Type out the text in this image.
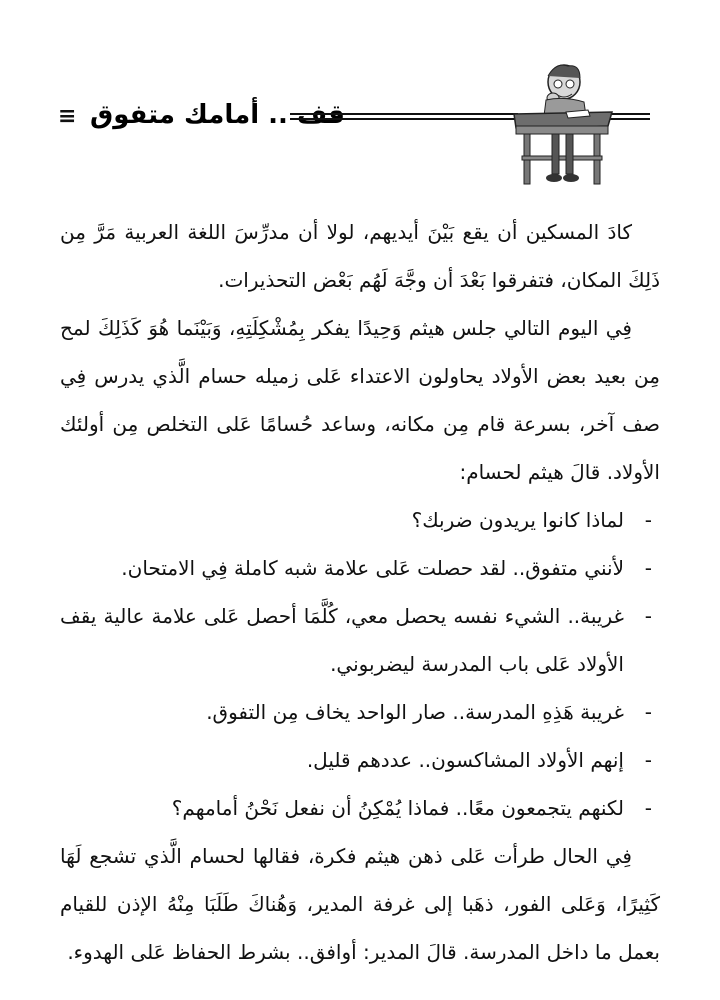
≡ قف .. أمامك متفوق

كادَ المسكين أن يقع بَيْنَ أيديهم، لولا أن مدرِّسَ اللغة العربية مَرَّ مِن ذَلِكَ المكان، فتفرقوا بَعْدَ أن وجَّهَ لَهُم بَعْض التحذيرات.

فِي اليوم التالي جلس هيثم وَحِيدًا يفكر بِمُشْكِلَتِهِ، وَبَيْنَما هُوَ كَذَلِكَ لمح مِن بعيد بعض الأولاد يحاولون الاعتداء عَلى زميله حسام الَّذي يدرس فِي صف آخر، بسرعة قام مِن مكانه، وساعد حُسامًا عَلى التخلص مِن أولئك الأولاد. قالَ هيثم لحسام:

-
لماذا كانوا يريدون ضربك؟
-
لأنني متفوق.. لقد حصلت عَلى علامة شبه كاملة فِي الامتحان.
-
غريبة.. الشيء نفسه يحصل معي، كُلَّمَا أحصل عَلى علامة عالية يقف الأولاد عَلى باب المدرسة ليضربوني.
-
غريبة هَذِهِ المدرسة.. صار الواحد يخاف مِن التفوق.
-
إنهم الأولاد المشاكسون.. عددهم قليل.
-
لكنهم يتجمعون معًا.. فماذا يُمْكِنُ أن نفعل نَحْنُ أمامهم؟

فِي الحال طرأت عَلى ذهن هيثم فكرة، فقالها لحسام الَّذي تشجع لَهَا كَثِيرًا، وَعَلى الفور، ذهَبا إلى غرفة المدير، وَهُناكَ طَلَبَا مِنْهُ الإذن للقيام بعمل ما داخل المدرسة. قالَ المدير: أوافق.. بشرط الحفاظ عَلى الهدوء.
